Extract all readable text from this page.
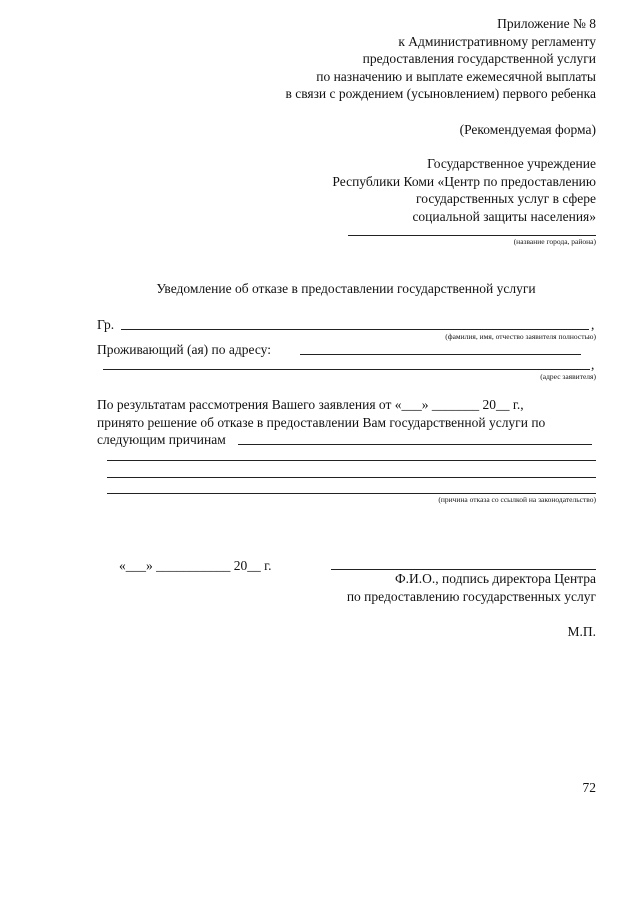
Приложение № 8
к Административному регламенту
предоставления государственной услуги
по назначению и выплате ежемесячной выплаты
в связи с рождением (усыновлением) первого ребенка
(Рекомендуемая форма)
Государственное учреждение
Республики Коми «Центр по предоставлению
государственных услуг в сфере
социальной защиты населения»
(название города, района)
Уведомление об отказе в предоставлении государственной услуги
Гр.	,
(фамилия, имя, отчество заявителя полностью)
Проживающий (ая) по адресу:
,
(адрес заявителя)
По результатам рассмотрения Вашего заявления от «___» _______ 20__ г.,
принято решение об отказе в предоставлении Вам государственной услуги по
следующим причинам
(причина отказа со ссылкой на законодательство)
«___» ___________ 20__ г.
Ф.И.О., подпись директора Центра
по предоставлению государственных услуг
М.П.
72
